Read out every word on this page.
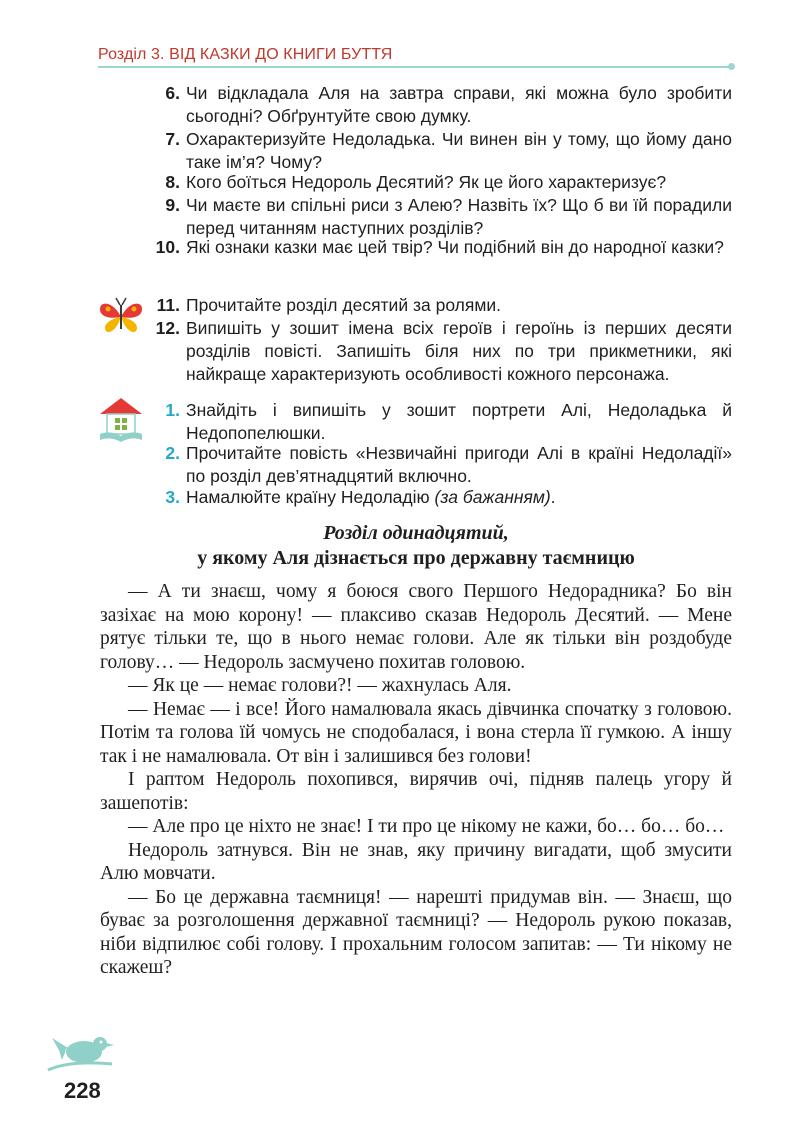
Розділ 3. ВІД КАЗКИ ДО КНИГИ БУТТЯ
6. Чи відкладала Аля на завтра справи, які можна було зробити сьогодні? Обґрунтуйте свою думку.
7. Охарактеризуйте Недоладька. Чи винен він у тому, що йому дано таке ім’я? Чому?
8. Кого боїться Недороль Десятий? Як це його характеризує?
9. Чи маєте ви спільні риси з Алею? Назвіть їх? Що б ви їй порадили перед читанням наступних розділів?
10. Які ознаки казки має цей твір? Чи подібний він до народної казки?
11. Прочитайте розділ десятий за ролями.
12. Випишіть у зошит імена всіх героїв і героїнь із перших десяти розділів повісті. Запишіть біля них по три прикметники, які найкраще характеризують особливості кожного персонажа.
1. Знайдіть і випишіть у зошит портрети Алі, Недоладька й Недопопелюшки.
2. Прочитайте повість «Незвичайні пригоди Алі в країні Недоладії» по розділ дев’ятнадцятий включно.
3. Намалюйте країну Недоладію (за бажанням).
Розділ одинадцятий,
у якому Аля дізнається про державну таємницю

— А ти знаєш, чому я боюся свого Першого Недорадника? Бо він зазіхає на мою корону! — плаксиво сказав Недороль Десятий. — Мене рятує тільки те, що в нього немає голови. Але як тільки він роздобуде голову… — Недороль засмучено похитав головою.

— Як це — немає голови?! — жахнулась Аля.

— Немає — і все! Його намалювала якась дівчинка спочатку з головою. Потім та голова їй чомусь не сподобалася, і вона стерла її гумкою. А іншу так і не намалювала. От він і залишився без голови!

І раптом Недороль похопився, вирячив очі, підняв палець угору й зашепотів:

— Але про це ніхто не знає! І ти про це нікому не кажи, бо… бо… бо…

Недороль затнувся. Він не знав, яку причину вигадати, щоб змусити Алю мовчати.

— Бо це державна таємниця! — нарешті придумав він. — Знаєш, що буває за розголошення державної таємниці? — Недороль рукою показав, ніби відпилює собі голову. І прохальним голосом запитав: — Ти нікому не скажеш?

228
